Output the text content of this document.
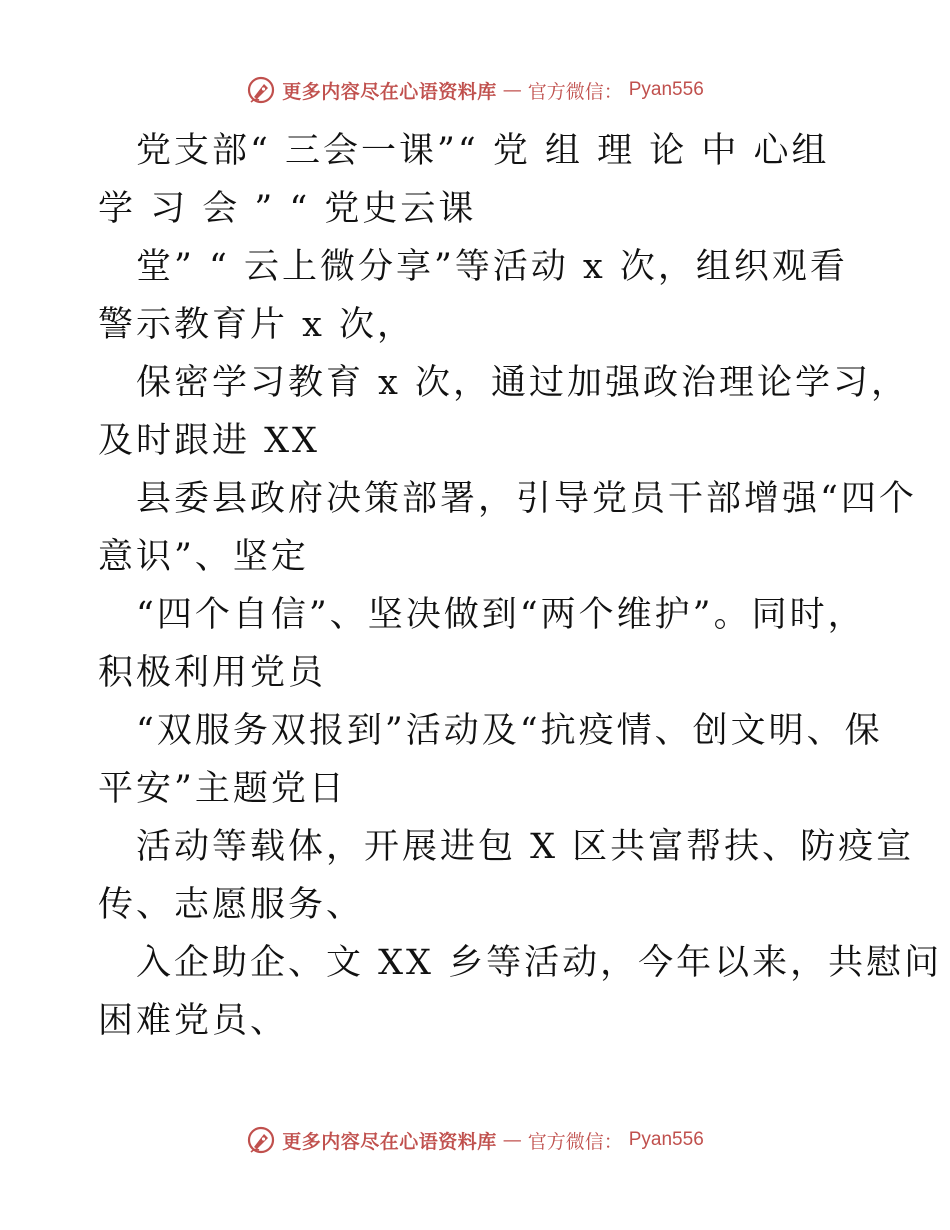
更多内容尽在心语资料库 — 官方微信： Pyan556

党支部“ 三会一课”“ 党 组 理 论 中 心组

学 习 会 ” “ 党史云课

堂” “ 云上微分享”等活动 x 次，组织观看

警示教育片 x 次，

保密学习教育 x 次，通过加强政治理论学习，

及时跟进 XX

县委县政府决策部署，引导党员干部增强“四个

意识”、坚定

“四个自信”、坚决做到“两个维护”。同时，

积极利用党员

“双服务双报到”活动及“抗疫情、创文明、保

平安”主题党日

活动等载体，开展进包 X 区共富帮扶、防疫宣

传、志愿服务、

入企助企、文 XX 乡等活动，今年以来，共慰问

困难党员、

更多内容尽在心语资料库 — 官方微信： Pyan556
